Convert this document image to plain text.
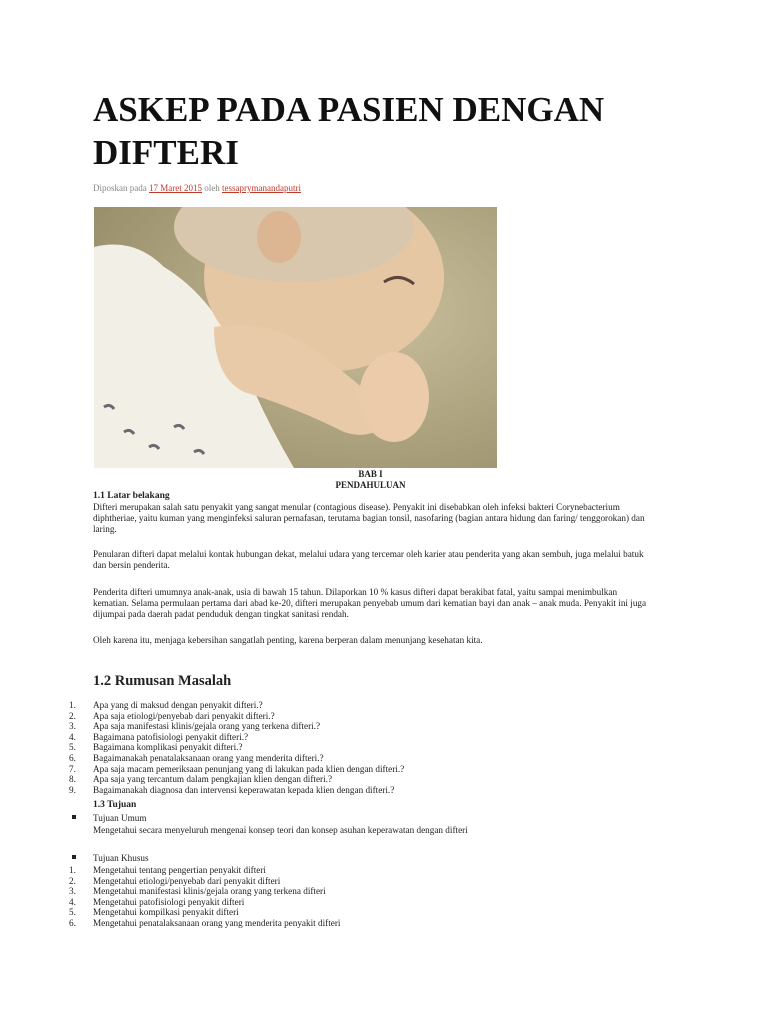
ASKEP PADA PASIEN DENGAN DIFTERI
Diposkan pada 17 Maret 2015 oleh tessaprymanandaputri
BAB I
PENDAHULUAN

1.1 Latar belakang

Difteri merupakan salah satu penyakit yang sangat menular (contagious disease). Penyakit ini disebabkan oleh infeksi bakteri Corynebacterium diphtheriae, yaitu kuman yang menginfeksi saluran pernafasan, terutama bagian tonsil, nasofaring (bagian antara hidung dan faring/ tenggorokan) dan laring.

Penularan difteri dapat melalui kontak hubungan dekat, melalui udara yang tercemar oleh karier atau penderita yang akan sembuh, juga melalui batuk dan bersin penderita.

Penderita difteri umumnya anak-anak, usia di bawah 15 tahun. Dilaporkan 10 % kasus difteri dapat berakibat fatal, yaitu sampai menimbulkan kematian. Selama permulaan pertama dari abad ke-20, difteri merupakan penyebab umum dari kematian bayi dan anak – anak muda. Penyakit ini juga dijumpai pada daerah padat penduduk dengan tingkat sanitasi rendah.

Oleh karena itu, menjaga kebersihan sangatlah penting, karena berperan dalam menunjang kesehatan kita.

1.2 Rumusan Masalah
1.	Apa yang di maksud dengan penyakit difteri.?
2.	Apa saja etiologi/penyebab dari penyakit difteri.?
3.	Apa saja manifestasi klinis/gejala orang yang terkena difteri.?
4.	Bagaimana patofisiologi penyakit difteri.?
5.	Bagaimana komplikasi penyakit difteri.?
6.	Bagaimanakah penatalaksanaan orang yang menderita difteri.?
7.	Apa saja macam pemeriksaan penunjang yang di lakukan pada klien dengan difteri.?
8.	Apa saja yang tercantum dalam pengkajian klien dengan difteri.?
9.	Bagaimanakah diagnosa dan intervensi keperawatan kepada klien dengan difteri.?

1.3 Tujuan

Tujuan Umum

Mengetahui secara menyeluruh mengenai konsep teori dan konsep asuhan keperawatan dengan difteri

Tujuan Khusus
1.	Mengetahui tentang pengertian penyakit difteri
2.	Mengetahui etiologi/penyebab dari penyakit difteri
3.	Mengetahui manifestasi klinis/gejala orang yang terkena difteri
4.	Mengetahui patofisiologi penyakit difteri
5.	Mengetahui kompilkasi penyakit difteri
6.	Mengetahui penatalaksanaan orang yang menderita penyakit difteri
